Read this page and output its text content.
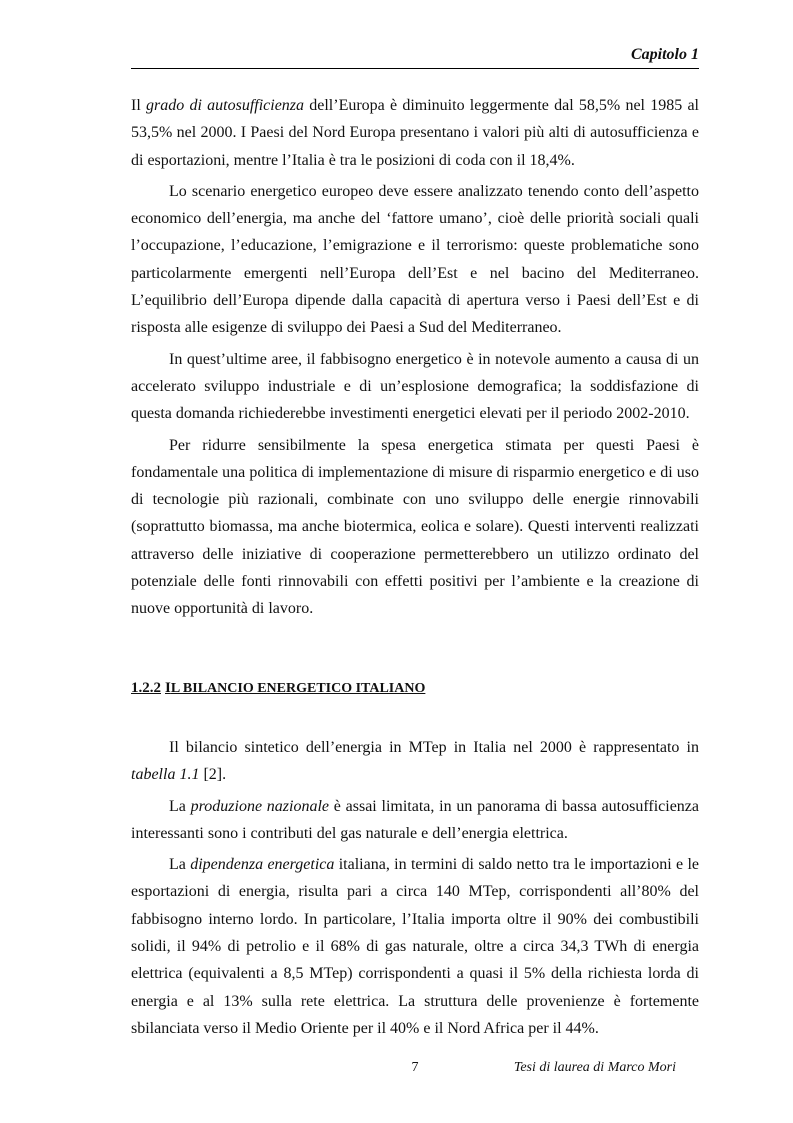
Capitolo 1

Il grado di autosufficienza dell’Europa è diminuito leggermente dal 58,5% nel 1985 al 53,5% nel 2000. I Paesi del Nord Europa presentano i valori più alti di autosufficienza e di esportazioni, mentre l’Italia è tra le posizioni di coda con il 18,4%.

Lo scenario energetico europeo deve essere analizzato tenendo conto dell’aspetto economico dell’energia, ma anche del ‘fattore umano’, cioè delle priorità sociali quali l’occupazione, l’educazione, l’emigrazione e il terrorismo: queste problematiche sono particolarmente emergenti nell’Europa dell’Est e nel bacino del Mediterraneo. L’equilibrio dell’Europa dipende dalla capacità di apertura verso i Paesi dell’Est e di risposta alle esigenze di sviluppo dei Paesi a Sud del Mediterraneo.

In quest’ultime aree, il fabbisogno energetico è in notevole aumento a causa di un accelerato sviluppo industriale e di un’esplosione demografica; la soddisfazione di questa domanda richiederebbe investimenti energetici elevati per il periodo 2002-2010.

Per ridurre sensibilmente la spesa energetica stimata per questi Paesi è fondamentale una politica di implementazione di misure di risparmio energetico e di uso di tecnologie più razionali, combinate con uno sviluppo delle energie rinnovabili (soprattutto biomassa, ma anche biotermica, eolica e solare). Questi interventi realizzati attraverso delle iniziative di cooperazione permetterebbero un utilizzo ordinato del potenziale delle fonti rinnovabili con effetti positivi per l’ambiente e la creazione di nuove opportunità di lavoro.

1.2.2 IL BILANCIO ENERGETICO ITALIANO

Il bilancio sintetico dell’energia in MTep in Italia nel 2000 è rappresentato in tabella 1.1 [2].

La produzione nazionale è assai limitata, in un panorama di bassa autosufficienza interessanti sono i contributi del gas naturale e dell’energia elettrica.

La dipendenza energetica italiana, in termini di saldo netto tra le importazioni e le esportazioni di energia, risulta pari a circa 140 MTep, corrispondenti all’80% del fabbisogno interno lordo. In particolare, l’Italia importa oltre il 90% dei combustibili solidi, il 94% di petrolio e il 68% di gas naturale, oltre a circa 34,3 TWh di energia elettrica (equivalenti a 8,5 MTep) corrispondenti a quasi il 5% della richiesta lorda di energia e al 13% sulla rete elettrica. La struttura delle provenienze è fortemente sbilanciata verso il Medio Oriente per il 40% e il Nord Africa per il 44%.

7	Tesi di laurea di Marco Mori
